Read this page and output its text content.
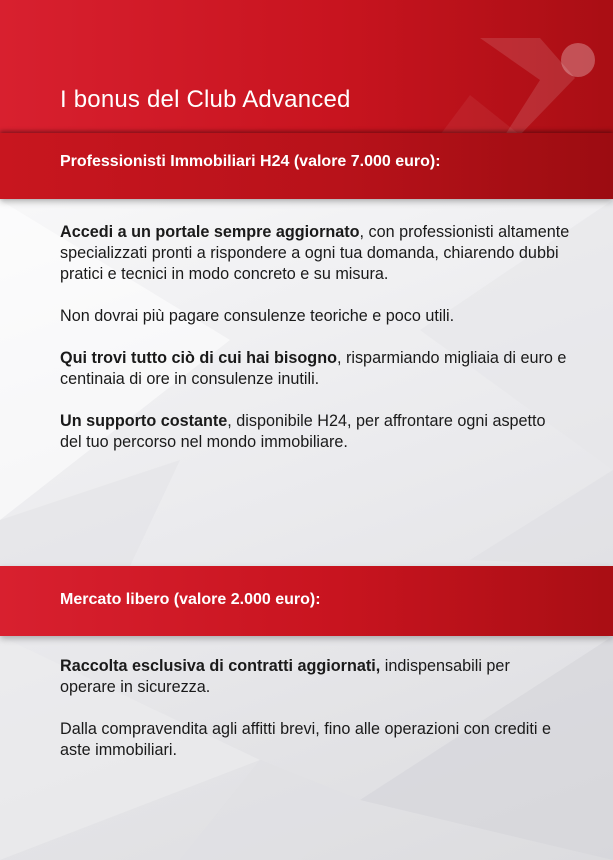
I bonus del Club Advanced
Professionisti Immobiliari H24 (valore 7.000 euro):

Accedi a un portale sempre aggiornato, con professionisti altamente specializzati pronti a rispondere a ogni tua domanda, chiarendo dubbi pratici e tecnici in modo concreto e su misura.

Non dovrai più pagare consulenze teoriche e poco utili.

Qui trovi tutto ciò di cui hai bisogno, risparmiando migliaia di euro e centinaia di ore in consulenze inutili.

Un supporto costante, disponibile H24, per affrontare ogni aspetto del tuo percorso nel mondo immobiliare.

Mercato libero (valore 2.000 euro):

Raccolta esclusiva di contratti aggiornati, indispensabili per operare in sicurezza.

Dalla compravendita agli affitti brevi, fino alle operazioni con crediti e aste immobiliari.
